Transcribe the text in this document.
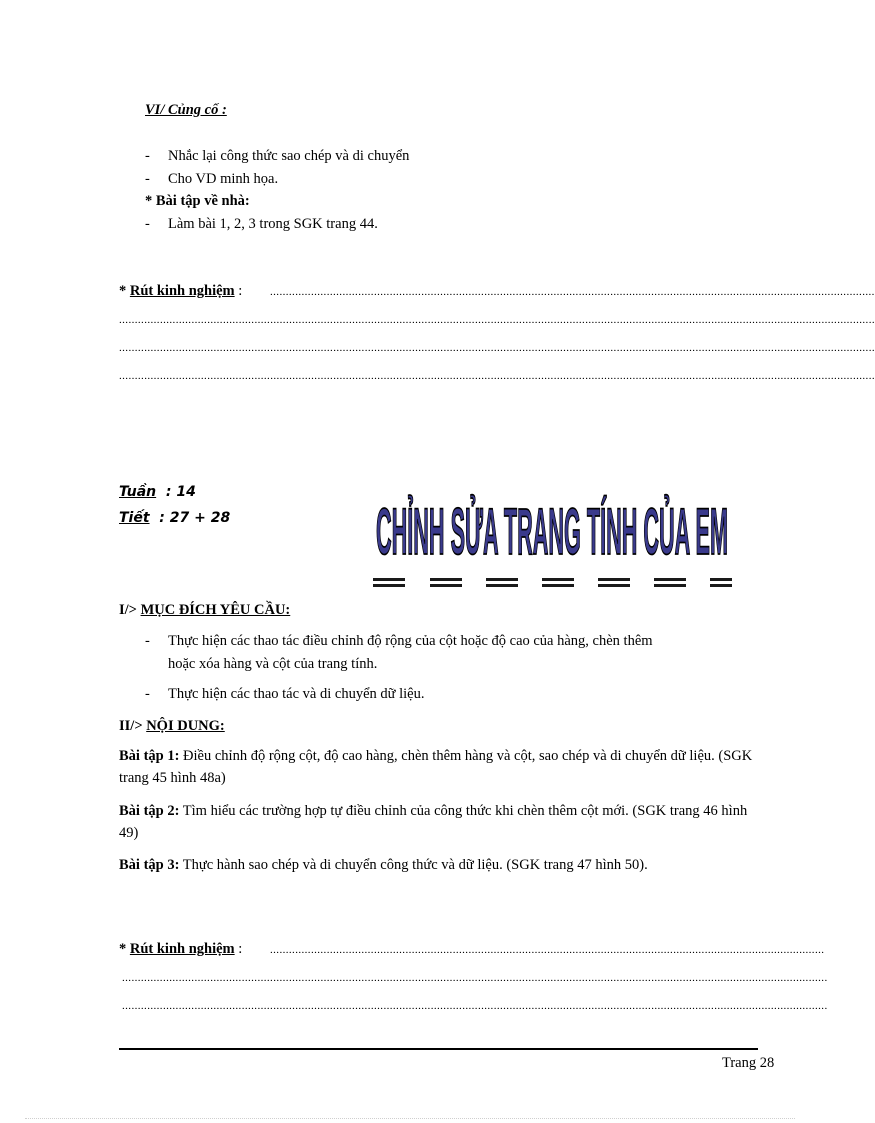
VI/ Củng cố :
- Nhắc lại công thức sao chép và di chuyển
- Cho VD minh họa.
* Bài tập về nhà:
- Làm bài 1, 2, 3 trong SGK trang 44.
* Rút kinh nghiệm :	................................................................................................................................................................................................
................................................................................................................................................................................................................................................
................................................................................................................................................................................................................................................
................................................................................................................................................................................................................................................
Tuần : 14
Tiết : 27 + 28 CHỈNH SỬA TRANG TÍNH CỦA EM
I/> MỤC ĐÍCH YÊU CẦU:
- Thực hiện các thao tác điều chỉnh độ rộng của cột hoặc độ cao của hàng, chèn thêm
hoặc xóa hàng và cột của trang tính.
- Thực hiện các thao tác và di chuyển dữ liệu.
II/> NỘI DUNG:
Bài tập 1: Điều chỉnh độ rộng cột, độ cao hàng, chèn thêm hàng và cột, sao chép và di chuyển dữ liệu. (SGK trang 45 hình 48a)
Bài tập 2: Tìm hiểu các trường hợp tự điều chỉnh của công thức khi chèn thêm cột mới. (SGK trang 46 hình 49)
Bài tập 3: Thực hành sao chép và di chuyển công thức và dữ liệu. (SGK trang 47 hình 50).
* Rút kinh nghiệm :	................................................................................................................................................................................
................................................................................................................................................................................................................................
................................................................................................................................................................................................................................
Trang 28
